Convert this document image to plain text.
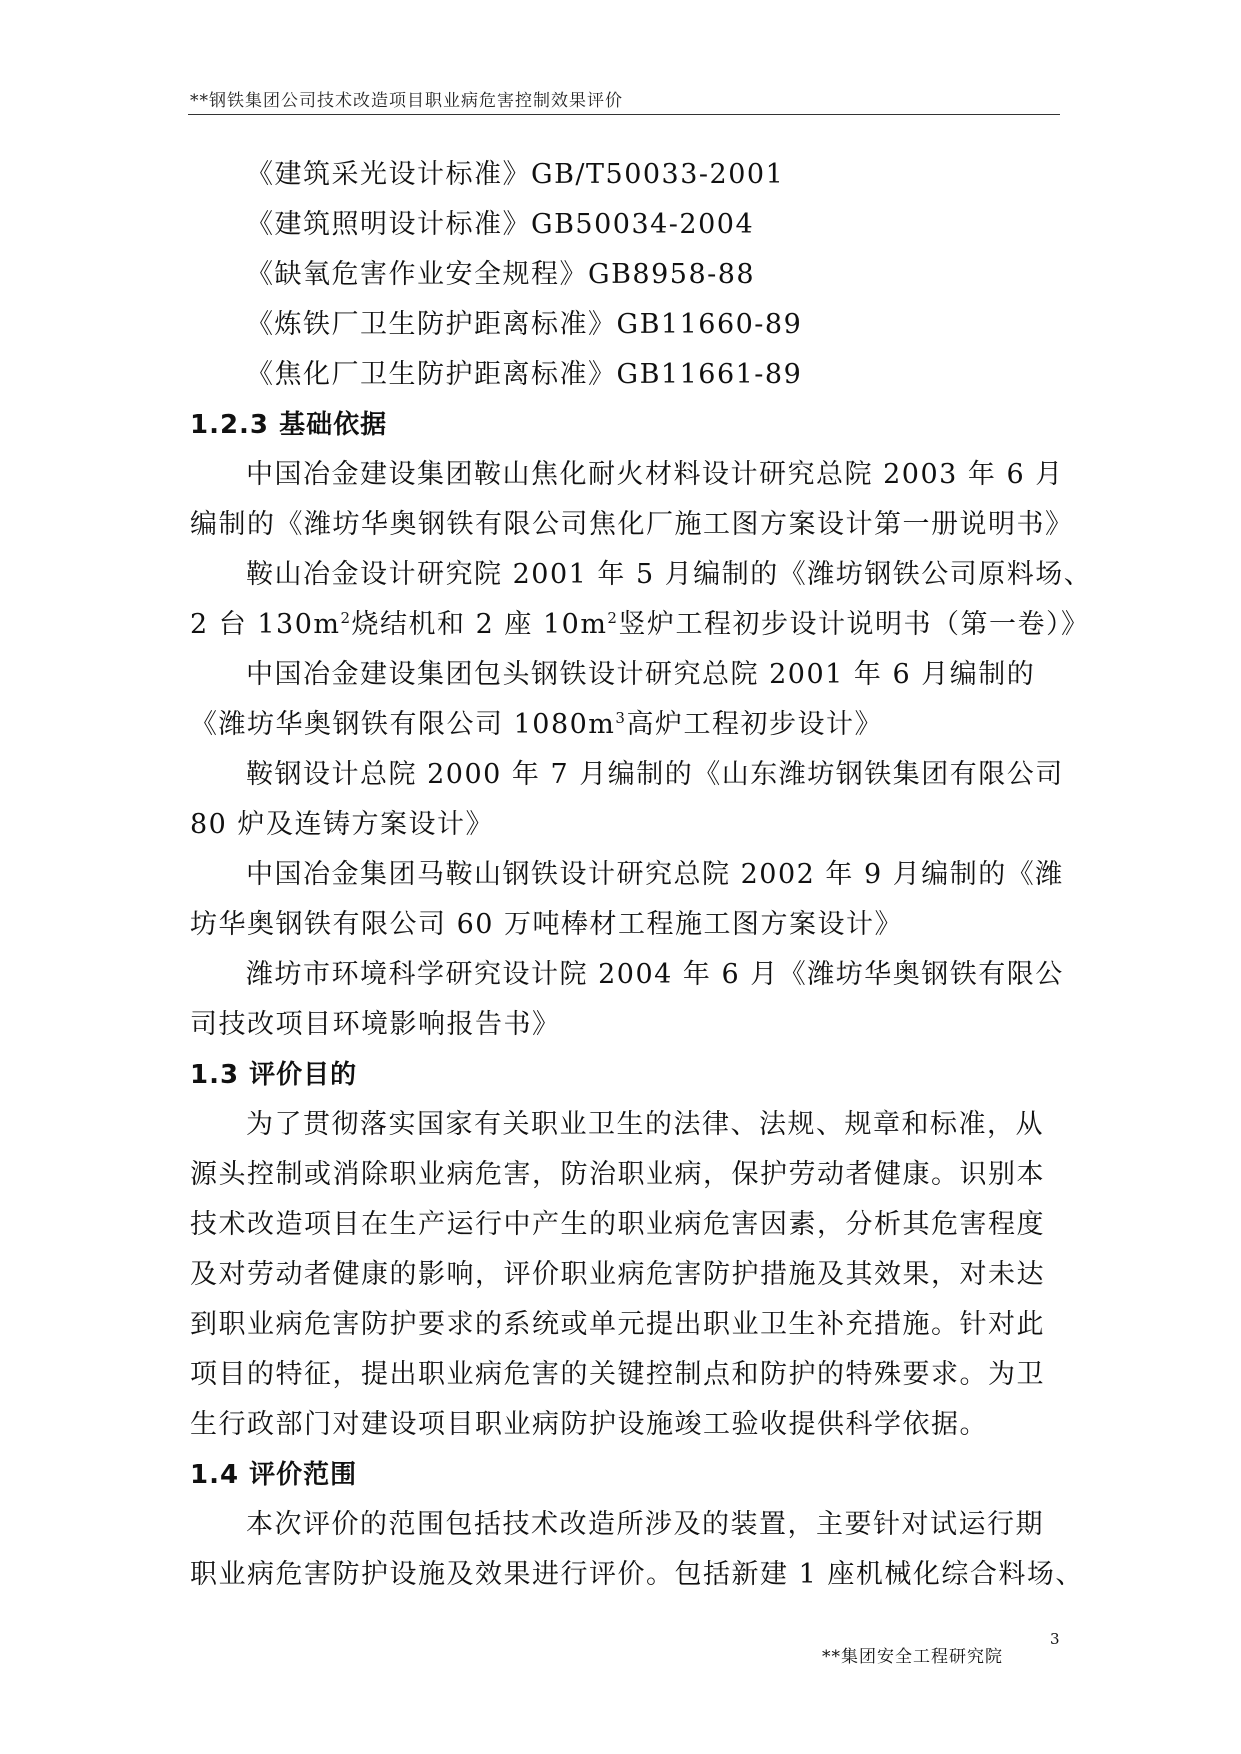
**钢铁集团公司技术改造项目职业病危害控制效果评价
《建筑采光设计标准》GB/T50033-2001
《建筑照明设计标准》GB50034-2004
《缺氧危害作业安全规程》GB8958-88
《炼铁厂卫生防护距离标准》GB11660-89
《焦化厂卫生防护距离标准》GB11661-89
1.2.3 基础依据
中国冶金建设集团鞍山焦化耐火材料设计研究总院 2003 年 6 月
编制的《潍坊华奥钢铁有限公司焦化厂施工图方案设计第一册说明书》
鞍山冶金设计研究院 2001 年 5 月编制的《潍坊钢铁公司原料场、
2 台 $130m^2$烧结机和 2 座 $10m^2$竖炉工程初步设计说明书（第一卷）》
中国冶金建设集团包头钢铁设计研究总院 2001 年 6 月编制的
《潍坊华奥钢铁有限公司 $1080m^3$高炉工程初步设计》
鞍钢设计总院 2000 年 7 月编制的《山东潍坊钢铁集团有限公司
80 炉及连铸方案设计》
中国冶金集团马鞍山钢铁设计研究总院 2002 年 9 月编制的《潍
坊华奥钢铁有限公司 60 万吨棒材工程施工图方案设计》
潍坊市环境科学研究设计院 2004 年 6 月《潍坊华奥钢铁有限公
司技改项目环境影响报告书》
1.3 评价目的
为了贯彻落实国家有关职业卫生的法律、法规、规章和标准，从
源头控制或消除职业病危害，防治职业病，保护劳动者健康。识别本
技术改造项目在生产运行中产生的职业病危害因素，分析其危害程度
及对劳动者健康的影响，评价职业病危害防护措施及其效果，对未达
到职业病危害防护要求的系统或单元提出职业卫生补充措施。针对此
项目的特征，提出职业病危害的关键控制点和防护的特殊要求。为卫
生行政部门对建设项目职业病防护设施竣工验收提供科学依据。
1.4 评价范围
本次评价的范围包括技术改造所涉及的装置，主要针对试运行期
职业病危害防护设施及效果进行评价。包括新建 1 座机械化综合料场、
3
**集团安全工程研究院
